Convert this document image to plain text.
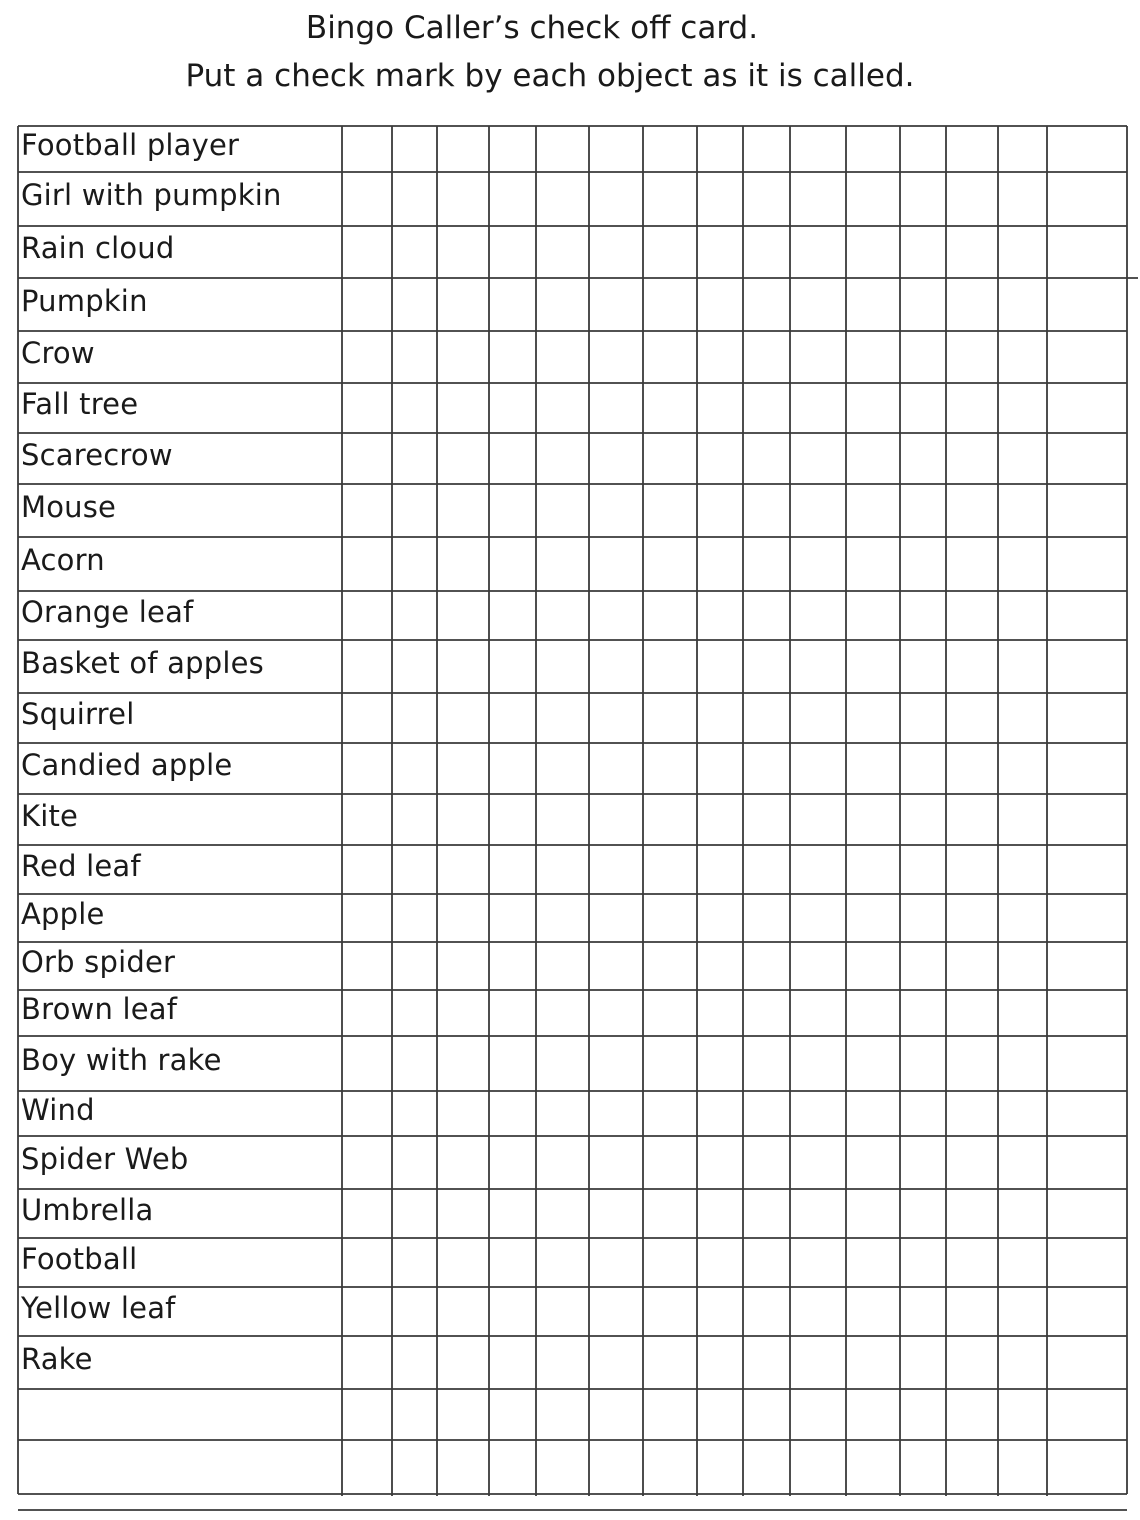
Bingo Caller’s check off card.
Put a check mark by each object as it is called.
Football player
Girl with pumpkin
Rain cloud
Pumpkin
Crow
Fall tree
Scarecrow
Mouse
Acorn
Orange leaf
Basket of apples
Squirrel
Candied apple
Kite
Red leaf
Apple
Orb spider
Brown leaf
Boy with rake
Wind
Spider Web
Umbrella
Football
Yellow leaf
Rake
